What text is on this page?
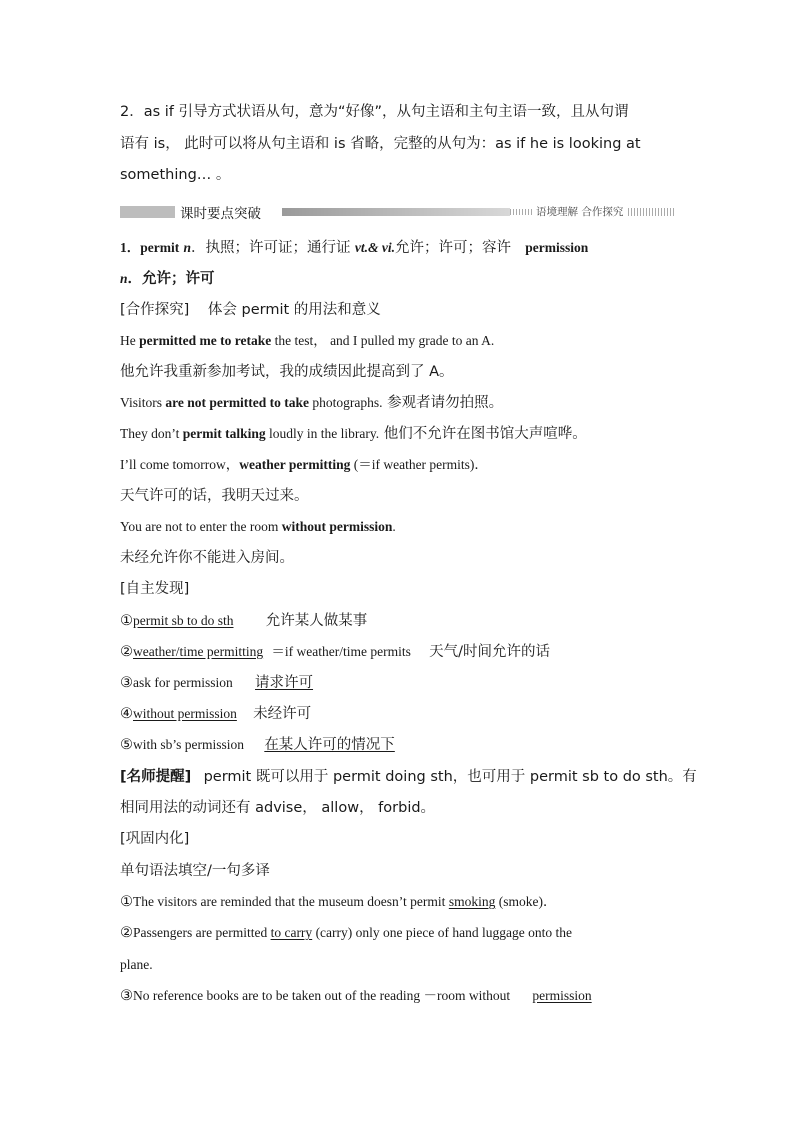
2．as if 引导方式状语从句，意为“好像”，从句主语和主句主语一致，且从句谓
语有 is， 此时可以将从句主语和 is 省略，完整的从句为：as if he is looking at
something… 。
课时要点突破	语境理解 合作探究
1．permit n．执照；许可证；通行证 vt.& vi.允许；许可；容许 permission
n．允许；许可
[合作探究] 体会 permit 的用法和意义
He permitted me to retake the test， and I pulled my grade to an A.
他允许我重新参加考试，我的成绩因此提高到了 A。
Visitors are not permitted to take photographs. 参观者请勿拍照。
They don’t permit talking loudly in the library. 他们不允许在图书馆大声喧哗。
I’ll come tomorrow，weather permitting (＝if weather permits)．
天气许可的话，我明天过来。
You are not to enter the room without permission.
未经允许你不能进入房间。
[自主发现]
①permit sb to do sth 允许某人做某事
②weather/time permitting ＝if weather/time permits 天气/时间允许的话
③ask for permission 请求许可
④without permission 未经许可
⑤with sb’s permission 在某人许可的情况下
[名师提醒] permit 既可以用于 permit doing sth，也可用于 permit sb to do sth。有
相同用法的动词还有 advise， allow， forbid。
[巩固内化]
单句语法填空/一句多译
①The visitors are reminded that the museum doesn’t permit smoking (smoke)．
②Passengers are permitted to carry (carry) only one piece of hand luggage onto the
plane.
③No reference books are to be taken out of the reading －room without permission
